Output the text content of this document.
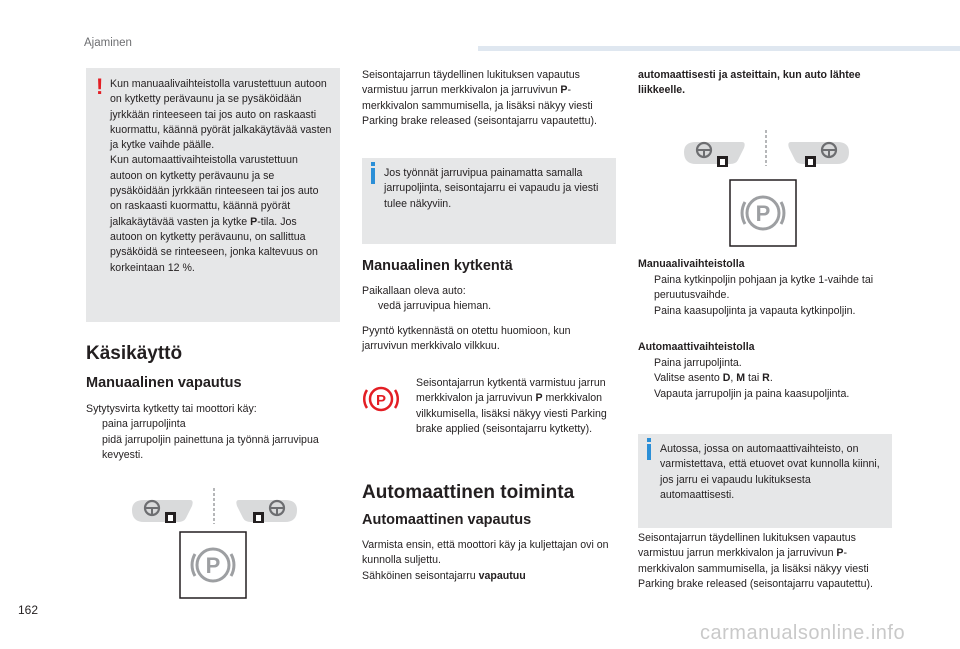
Ajaminen
! Kun manuaalivaihteistolla varustettuun autoon on kytketty perävaunu ja se pysäköidään jyrkkään rinteeseen tai jos auto on raskaasti kuormattu, käännä pyörät jalkakäytävää vasten ja kytke vaihde päälle.

Kun automaattivaihteistolla varustettuun autoon on kytketty perävaunu ja se pysäköidään jyrkkään rinteeseen tai jos auto on raskaasti kuormattu, käännä pyörät jalkakäytävää vasten ja kytke P-tila. Jos autoon on kytketty perävaunu, on sallittua pysäköidä se rinteeseen, jonka kaltevuus on korkeintaan 12 %.

Käsikäyttö
Manuaalinen vapautus

Sytytysvirta kytketty tai moottori käy:

paina jarrupoljinta
pidä jarrupoljin painettuna ja työnnä jarruvipua kevyesti.
P

Seisontajarrun täydellinen lukituksen vapautus varmistuu jarrun merkkivalon ja jarruvivun P-merkkivalon sammumisella, ja lisäksi näkyy viesti Parking brake released (seisontajarru vapautettu).

Jos työnnät jarruvipua painamatta samalla jarrupoljinta, seisontajarru ei vapaudu ja viesti tulee näkyviin.

Manuaalinen kytkentä

Paikallaan oleva auto:

vedä jarruvipua hieman.

Pyyntö kytkennästä on otettu huomioon, kun jarruvivun merkkivalo vilkkuu.

P

Seisontajarrun kytkentä varmistuu jarrun merkkivalon ja jarruvivun P merkkivalon vilkkumisella, lisäksi näkyy viesti Parking brake applied (seisontajarru kytketty).

Automaattinen toiminta
Automaattinen vapautus

Varmista ensin, että moottori käy ja kuljettajan ovi on kunnolla suljettu.

Sähköinen seisontajarru vapautuu

automaattisesti ja asteittain, kun auto lähtee liikkeelle.
P
Manuaalivaihteistolla
Paina kytkinpoljin pohjaan ja kytke 1-vaihde tai peruutusvaihde.
Paina kaasupoljinta ja vapauta kytkinpoljin.
Automaattivaihteistolla
Paina jarrupoljinta.
Valitse asento D, M tai R.
Vapauta jarrupoljin ja paina kaasupoljinta.

Autossa, jossa on automaattivaihteisto, on varmistettava, että etuovet ovat kunnolla kiinni, jos jarru ei vapaudu lukituksesta automaattisesti.

Seisontajarrun täydellinen lukituksen vapautus varmistuu jarrun merkkivalon ja jarruvivun P-merkkivalon sammumisella, ja lisäksi näkyy viesti Parking brake released (seisontajarru vapautettu).

162
carmanualsonline.info
